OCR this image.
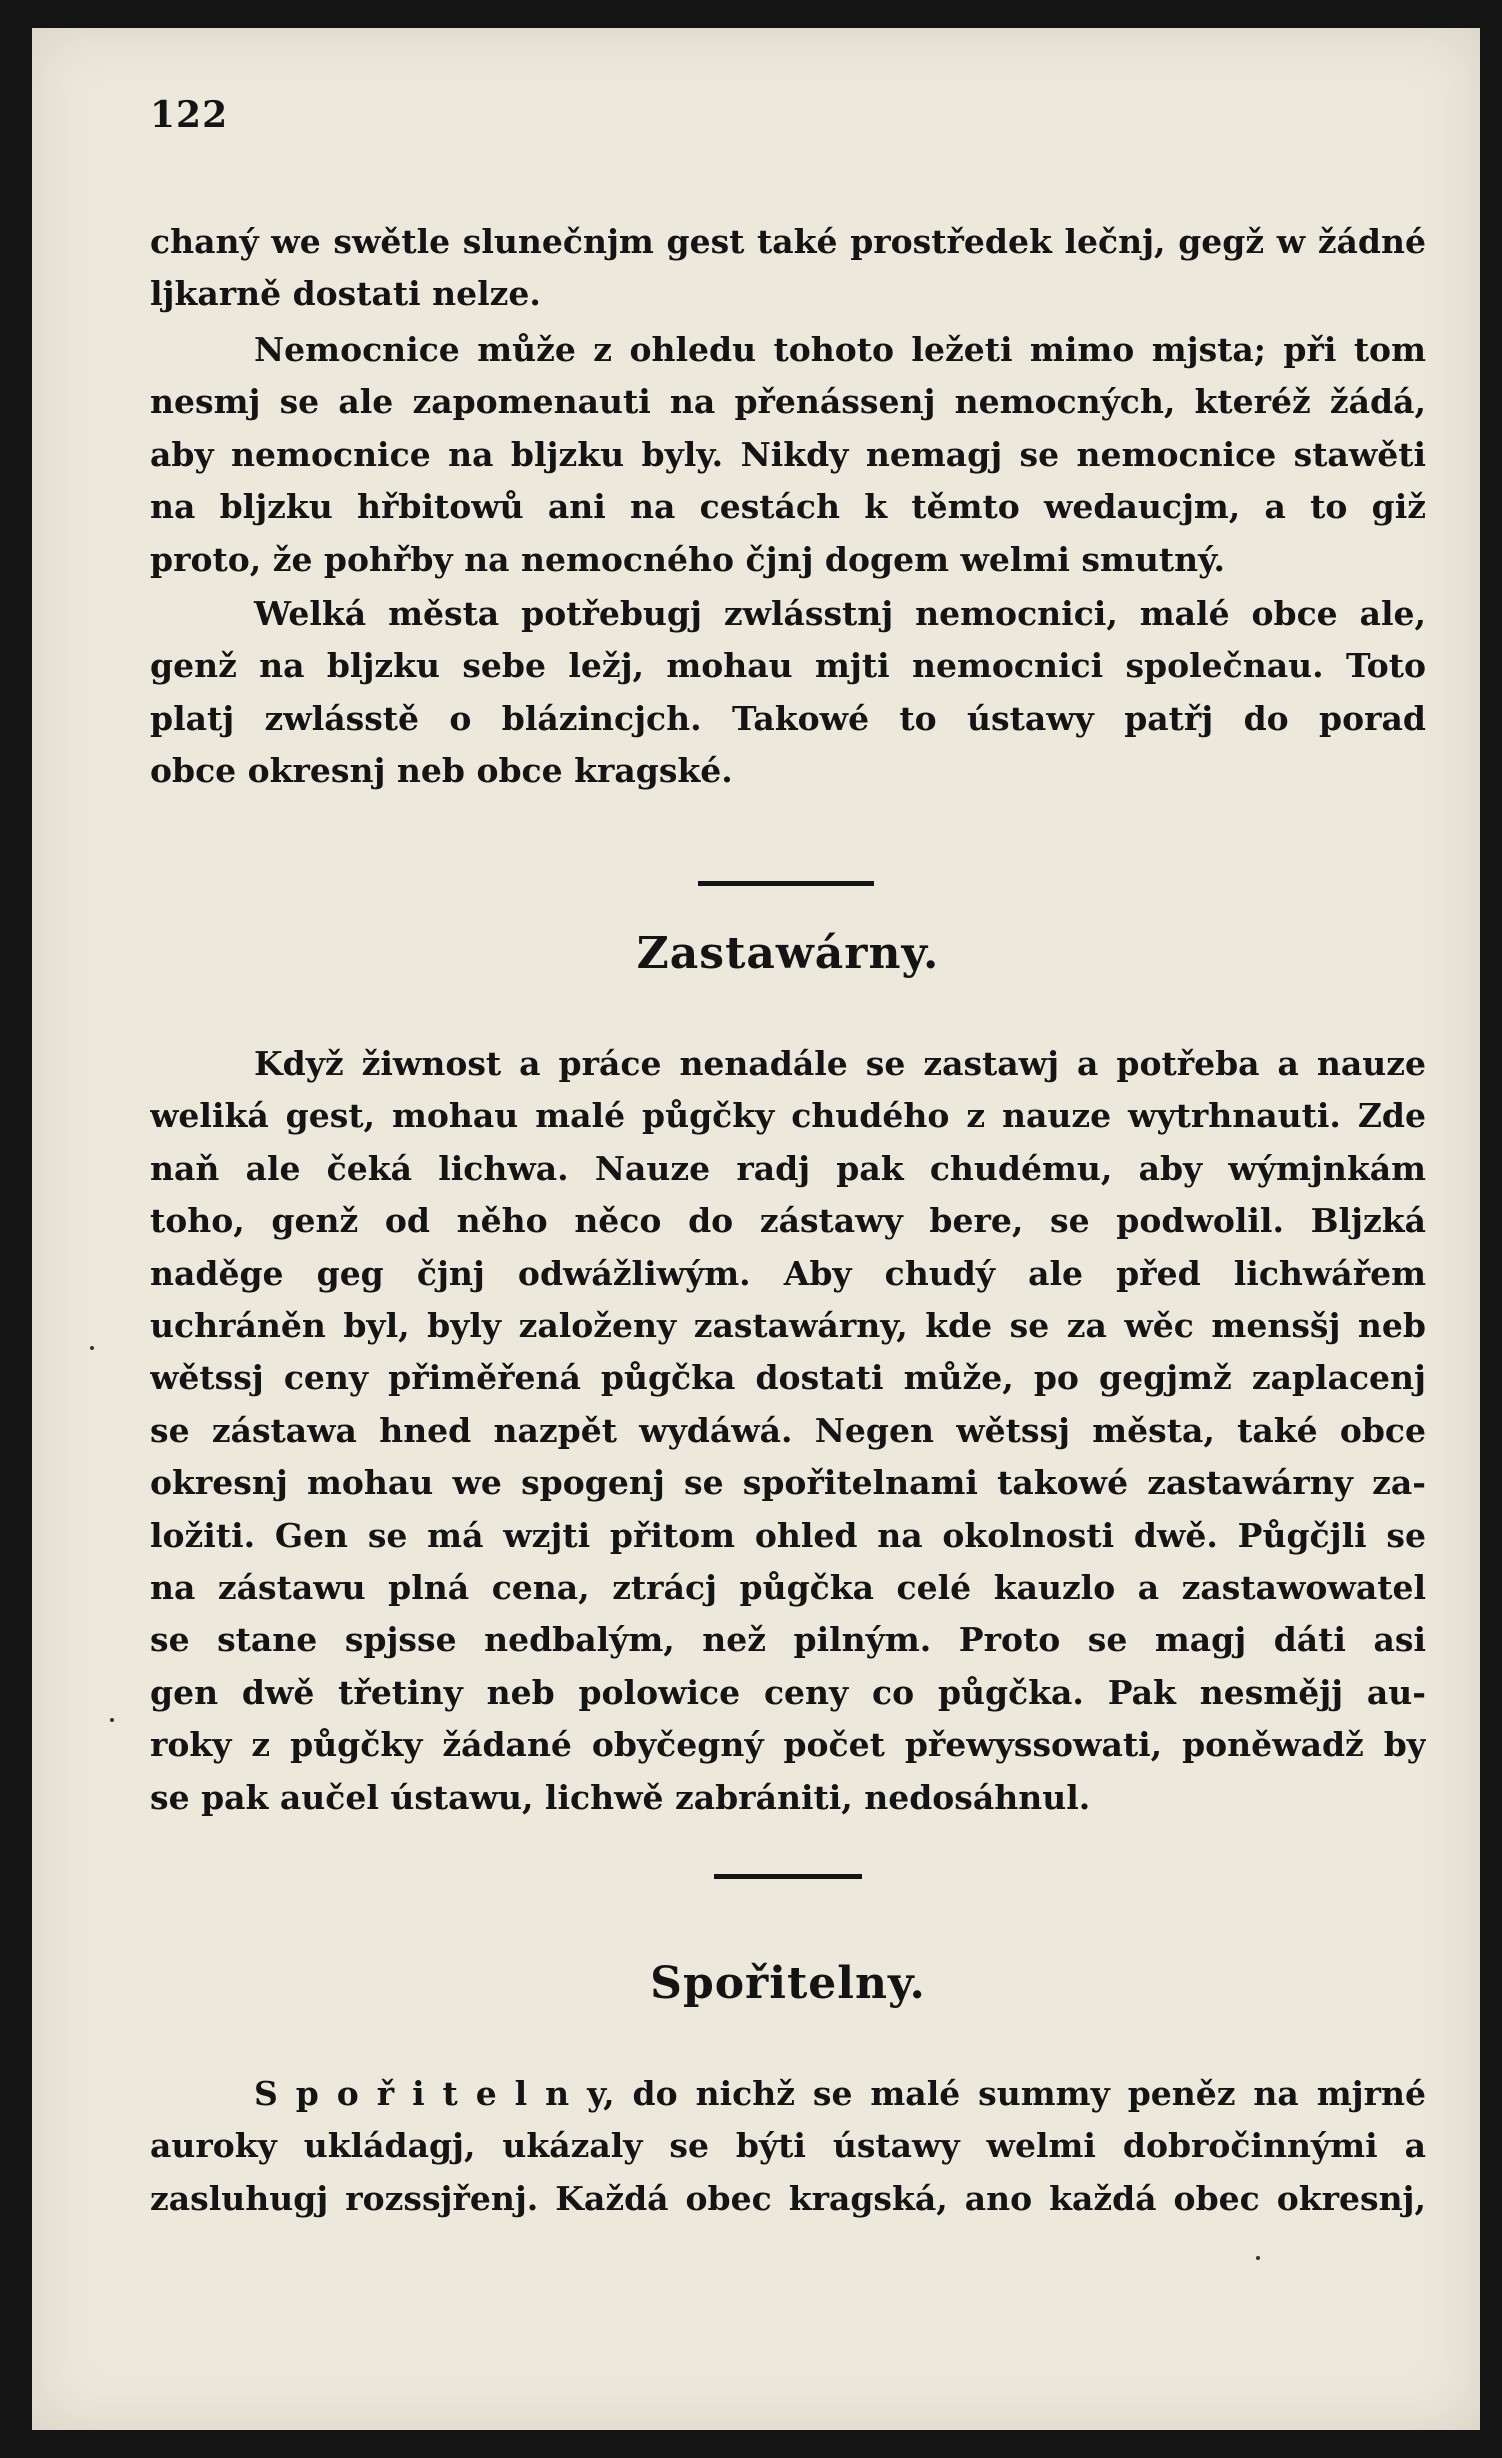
122
chaný we swětle slunečnjm gest také prostředek lečnj, gegž w žádné
ljkarně dostati nelze.
Nemocnice může z ohledu tohoto ležeti mimo mjsta; při tom
nesmj se ale zapomenauti na přenássenj nemocných, kteréž žádá,
aby nemocnice na bljzku byly. Nikdy nemagj se nemocnice stawěti
na bljzku hřbitowů ani na cestách k těmto wedaucjm, a to giž
proto, že pohřby na nemocného čjnj dogem welmi smutný.
Welká města potřebugj zwlásstnj nemocnici, malé obce ale,
genž na bljzku sebe ležj, mohau mjti nemocnici společnau. Toto
platj zwlásstě o blázincjch. Takowé to ústawy patřj do porad
obce okresnj neb obce kragské.
Zastawárny.
Když žiwnost a práce nenadále se zastawj a potřeba a nauze
weliká gest, mohau malé půgčky chudého z nauze wytrhnauti. Zde
naň ale čeká lichwa. Nauze radj pak chudému, aby wýmjnkám
toho, genž od něho něco do zástawy bere, se podwolil. Bljzká
naděge geg čjnj odwážliwým. Aby chudý ale před lichwářem
uchráněn byl, byly založeny zastawárny, kde se za wěc mensšj neb
wětssj ceny přiměřená půgčka dostati může, po gegjmž zaplacenj
se zástawa hned nazpět wydáwá. Negen wětssj města, také obce
okresnj mohau we spogenj se spořitelnami takowé zastawárny za-
ložiti. Gen se má wzjti přitom ohled na okolnosti dwě. Půgčjli se
na zástawu plná cena, ztrácj půgčka celé kauzlo a zastawowatel
se stane spjsse nedbalým, než pilným. Proto se magj dáti asi
gen dwě třetiny neb polowice ceny co půgčka. Pak nesmějj au-
roky z půgčky žádané obyčegný počet přewyssowati, poněwadž by
se pak aučel ústawu, lichwě zabrániti, nedosáhnul.
Spořitelny.
S p o ř i t e l n y, do nichž se malé summy peněz na mjrné
auroky ukládagj, ukázaly se býti ústawy welmi dobročinnými a
zasluhugj rozssjřenj. Každá obec kragská, ano každá obec okresnj,
